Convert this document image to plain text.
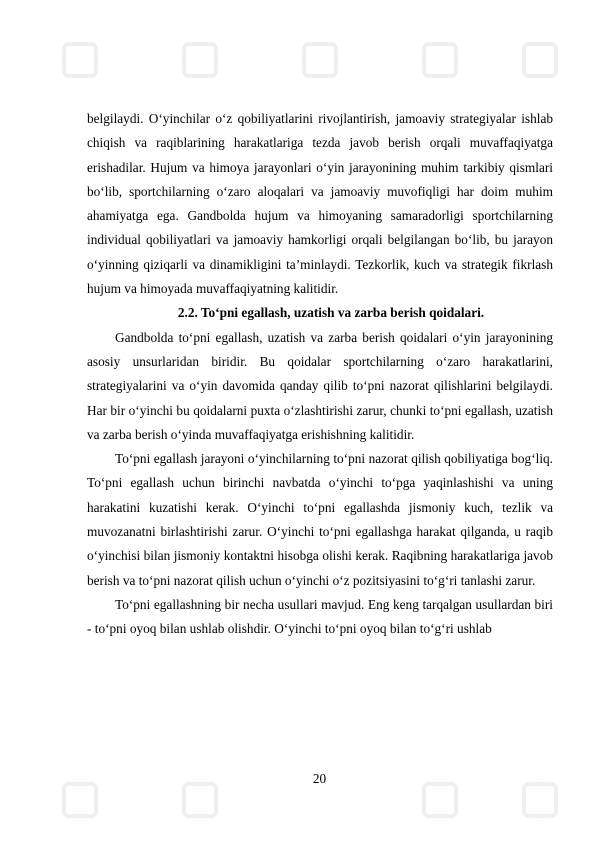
belgilaydi. O‘yinchilar o‘z qobiliyatlarini rivojlantirish, jamoaviy strategiyalar ishlab chiqish va raqiblarining harakatlariga tezda javob berish orqali muvaffaqiyatga erishadilar. Hujum va himoya jarayonlari o‘yin jarayonining muhim tarkibiy qismlari bo‘lib, sportchilarning o‘zaro aloqalari va jamoaviy muvofiqligi har doim muhim ahamiyatga ega. Gandbolda hujum va himoyaning samaradorligi sportchilarning individual qobiliyatlari va jamoaviy hamkorligi orqali belgilangan bo‘lib, bu jarayon o‘yinning qiziqarli va dinamikligini ta’minlaydi. Tezkorlik, kuch va strategik fikrlash hujum va himoyada muvaffaqiyatning kalitidir.

2.2. To‘pni egallash, uzatish va zarba berish qoidalari.

Gandbolda to‘pni egallash, uzatish va zarba berish qoidalari o‘yin jarayonining asosiy unsurlaridan biridir. Bu qoidalar sportchilarning o‘zaro harakatlarini, strategiyalarini va o‘yin davomida qanday qilib to‘pni nazorat qilishlarini belgilaydi. Har bir o‘yinchi bu qoidalarni puxta o‘zlashtirishi zarur, chunki to‘pni egallash, uzatish va zarba berish o‘yinda muvaffaqiyatga erishishning kalitidir.

To‘pni egallash jarayoni o‘yinchilarning to‘pni nazorat qilish qobiliyatiga bog‘liq. To‘pni egallash uchun birinchi navbatda o‘yinchi to‘pga yaqinlashishi va uning harakatini kuzatishi kerak. O‘yinchi to‘pni egallashda jismoniy kuch, tezlik va muvozanatni birlashtirishi zarur. O‘yinchi to‘pni egallashga harakat qilganda, u raqib o‘yinchisi bilan jismoniy kontaktni hisobga olishi kerak. Raqibning harakatlariga javob berish va to‘pni nazorat qilish uchun o‘yinchi o‘z pozitsiyasini to‘g‘ri tanlashi zarur.

To‘pni egallashning bir necha usullari mavjud. Eng keng tarqalgan usullardan biri - to‘pni oyoq bilan ushlab olishdir. O‘yinchi to‘pni oyoq bilan to‘g‘ri ushlab

20
